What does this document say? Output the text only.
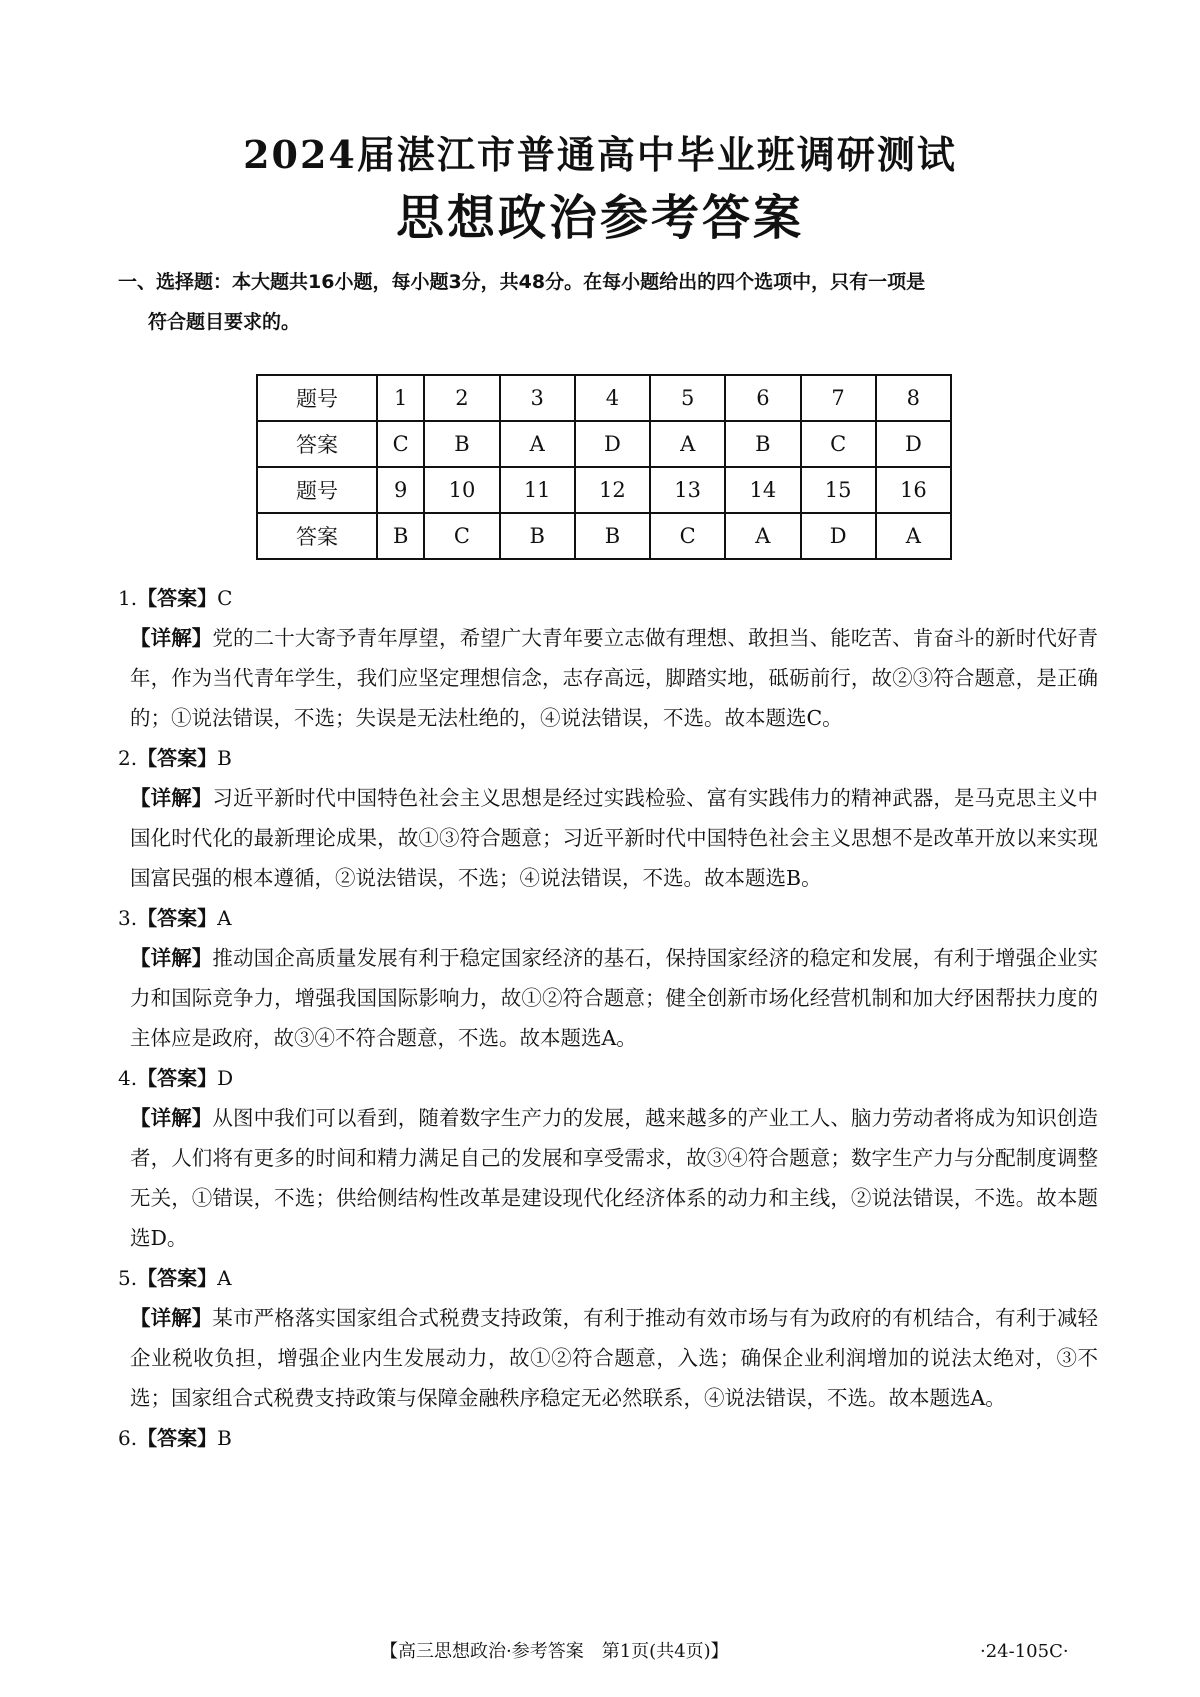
2024届湛江市普通高中毕业班调研测试
思想政治参考答案
一、选择题：本大题共16小题，每小题3分，共48分。在每小题给出的四个选项中，只有一项是
符合题目要求的。
题号	1	2	3	4	5	6	7	8
答案	C	B	A	D	A	B	C	D
题号	9	10	11	12	13	14	15	16
答案	B	C	B	B	C	A	D	A
1.【答案】C
【详解】党的二十大寄予青年厚望，希望广大青年要立志做有理想、敢担当、能吃苦、肯奋斗的新时代好青年，作为当代青年学生，我们应坚定理想信念，志存高远，脚踏实地，砥砺前行，故②③符合题意，是正确的；①说法错误，不选；失误是无法杜绝的，④说法错误，不选。故本题选C。
2.【答案】B
【详解】习近平新时代中国特色社会主义思想是经过实践检验、富有实践伟力的精神武器，是马克思主义中国化时代化的最新理论成果，故①③符合题意；习近平新时代中国特色社会主义思想不是改革开放以来实现国富民强的根本遵循，②说法错误，不选；④说法错误，不选。故本题选B。
3.【答案】A
【详解】推动国企高质量发展有利于稳定国家经济的基石，保持国家经济的稳定和发展，有利于增强企业实力和国际竞争力，增强我国国际影响力，故①②符合题意；健全创新市场化经营机制和加大纾困帮扶力度的主体应是政府，故③④不符合题意，不选。故本题选A。
4.【答案】D
【详解】从图中我们可以看到，随着数字生产力的发展，越来越多的产业工人、脑力劳动者将成为知识创造者，人们将有更多的时间和精力满足自己的发展和享受需求，故③④符合题意；数字生产力与分配制度调整无关，①错误，不选；供给侧结构性改革是建设现代化经济体系的动力和主线，②说法错误，不选。故本题选D。
5.【答案】A
【详解】某市严格落实国家组合式税费支持政策，有利于推动有效市场与有为政府的有机结合，有利于减轻企业税收负担，增强企业内生发展动力，故①②符合题意，入选；确保企业利润增加的说法太绝对，③不选；国家组合式税费支持政策与保障金融秩序稳定无必然联系，④说法错误，不选。故本题选A。
6.【答案】B
【高三思想政治·参考答案　第1页(共4页)】	·24-105C·
